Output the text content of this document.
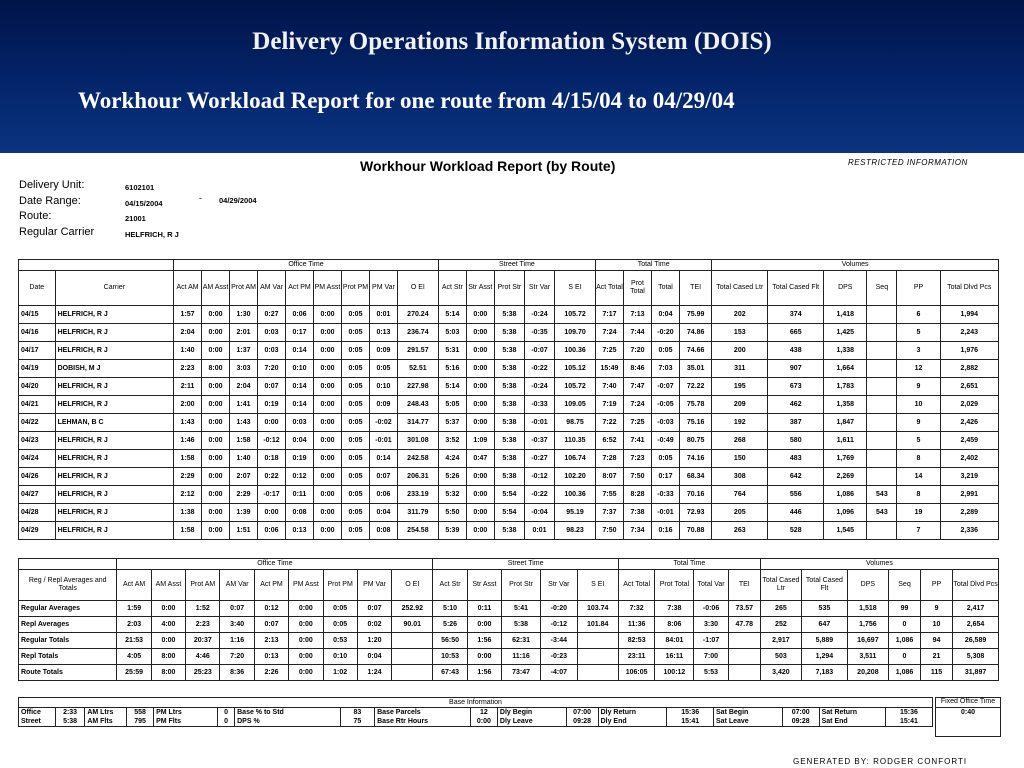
Delivery Operations Information System (DOIS)
Workhour Workload Report for one route from 4/15/04 to 04/29/04
Workhour Workload Report (by Route)	RESTRICTED INFORMATION
Delivery Unit:	6102101
Date Range:	04/15/2004
Route:	21001
Regular Carrier	HELFRICH, R J
- 04/29/2004
		Office Time									Street Time					Total Time				Volumes					
Date	Carrier	Act AM	AM Asst	Prot AM	AM Var	Act PM	PM Asst	Prot PM	PM Var	O EI	Act Str	Str Asst	Prot Str	Str Var	S EI	Act Total	Prot Total	Total	TEI	Total Cased Ltr	Total Cased Flt	DPS	Seq	PP	Total Dlvd Pcs
04/15	HELFRICH, R J	1:57	0:00	1:30	0:27	0:06	0:00	0:05	0:01	270.24	5:14	0:00	5:38	-0:24	105.72	7:17	7:13	0:04	75.99	202	374	1,418		6	1,994
04/16	HELFRICH, R J	2:04	0:00	2:01	0:03	0:17	0:00	0:05	0:13	236.74	5:03	0:00	5:38	-0:35	109.70	7:24	7:44	-0:20	74.86	153	665	1,425		5	2,243
04/17	HELFRICH, R J	1:40	0:00	1:37	0:03	0:14	0:00	0:05	0:09	291.57	5:31	0:00	5:38	-0:07	100.36	7:25	7:20	0:05	74.66	200	438	1,338		3	1,976
04/19	DOBISH, M J	2:23	8:00	3:03	7:20	0:10	0:00	0:05	0:05	52.51	5:16	0:00	5:38	-0:22	105.12	15:49	8:46	7:03	35.01	311	907	1,664		12	2,882
04/20	HELFRICH, R J	2:11	0:00	2:04	0:07	0:14	0:00	0:05	0:10	227.98	5:14	0:00	5:38	-0:24	105.72	7:40	7:47	-0:07	72.22	195	673	1,783		9	2,651
04/21	HELFRICH, R J	2:00	0:00	1:41	0:19	0:14	0:00	0:05	0:09	248.43	5:05	0:00	5:38	-0:33	109.05	7:19	7:24	-0:05	75.78	209	462	1,358		10	2,029
04/22	LEHMAN, B C	1:43	0:00	1:43	0:00	0:03	0:00	0:05	-0:02	314.77	5:37	0:00	5:38	-0:01	98.75	7:22	7:25	-0:03	75.16	192	387	1,847		9	2,426
04/23	HELFRICH, R J	1:46	0:00	1:58	-0:12	0:04	0:00	0:05	-0:01	301.08	3:52	1:09	5:38	-0:37	110.35	6:52	7:41	-0:49	80.75	268	580	1,611		5	2,459
04/24	HELFRICH, R J	1:58	0:00	1:40	0:18	0:19	0:00	0:05	0:14	242.58	4:24	0:47	5:38	-0:27	106.74	7:28	7:23	0:05	74.16	150	483	1,769		8	2,402
04/26	HELFRICH, R J	2:29	0:00	2:07	0:22	0:12	0:00	0:05	0:07	206.31	5:26	0:00	5:38	-0:12	102.20	8:07	7:50	0:17	68.34	308	642	2,269		14	3,219
04/27	HELFRICH, R J	2:12	0:00	2:29	-0:17	0:11	0:00	0:05	0:06	233.19	5:32	0:00	5:54	-0:22	100.36	7:55	8:28	-0:33	70.16	764	556	1,086	543	8	2,991
04/28	HELFRICH, R J	1:38	0:00	1:39	0:00	0:08	0:00	0:05	0:04	311.79	5:50	0:00	5:54	-0:04	95.19	7:37	7:38	-0:01	72.93	205	446	1,096	543	19	2,289
04/29	HELFRICH, R J	1:58	0:00	1:51	0:06	0:13	0:00	0:05	0:08	254.58	5:39	0:00	5:38	0:01	98.23	7:50	7:34	0:16	70.88	263	528	1,545		7	2,336
	Office Time									Street Time					Total Time				Volumes					
Reg / Repl Averages and Totals	Act AM	AM Asst	Prot AM	AM Var	Act PM	PM Asst	Prot PM	PM Var	O EI	Act Str	Str Asst	Prot Str	Str Var	S EI	Act Total	Prot Total	Total Var	TEI	Total Cased Ltr	Total Cased Flt	DPS	Seq	PP	Total Dlvd Pcs
Regular Averages	1:59	0:00	1:52	0:07	0:12	0:00	0:05	0:07	252.92	5:10	0:11	5:41	-0:20	103.74	7:32	7:38	-0:06	73.57	265	535	1,518	99	9	2,417
Repl Averages	2:03	4:00	2:23	3:40	0:07	0:00	0:05	0:02	90.01	5:26	0:00	5:38	-0:12	101.84	11:36	8:06	3:30	47.78	252	647	1,756	0	10	2,654
Regular Totals	21:53	0:00	20:37	1:16	2:13	0:00	0:53	1:20		56:50	1:56	62:31	-3:44		82:53	84:01	-1:07		2,917	5,889	16,697	1,086	94	26,589
Repl Totals	4:05	8:00	4:46	7:20	0:13	0:00	0:10	0:04		10:53	0:00	11:16	-0:23		23:11	16:11	7:00		503	1,294	3,511	0	21	5,308
Route Totals	25:59	8:00	25:23	8:36	2:26	0:00	1:02	1:24		67:43	1:56	73:47	-4:07		106:05	100:12	5:53		3,420	7,183	20,208	1,086	115	31,897
Base Information																	
Office	2:33	AM Ltrs	558	PM Ltrs	0	Base % to Std	83	Base Parcels	12	Dly Begin	07:00	Dly Return	15:36	Sat Begin	07:00	Sat Return	15:36
Street	5:38	AM Flts	795	PM Flts	0	DPS %	75	Base Rtr Hours	0:00	Dly Leave	09:28	Dly End	15:41	Sat Leave	09:28	Sat End	15:41
Fixed Office Time
0:40
GENERATED BY: RODGER CONFORTI
